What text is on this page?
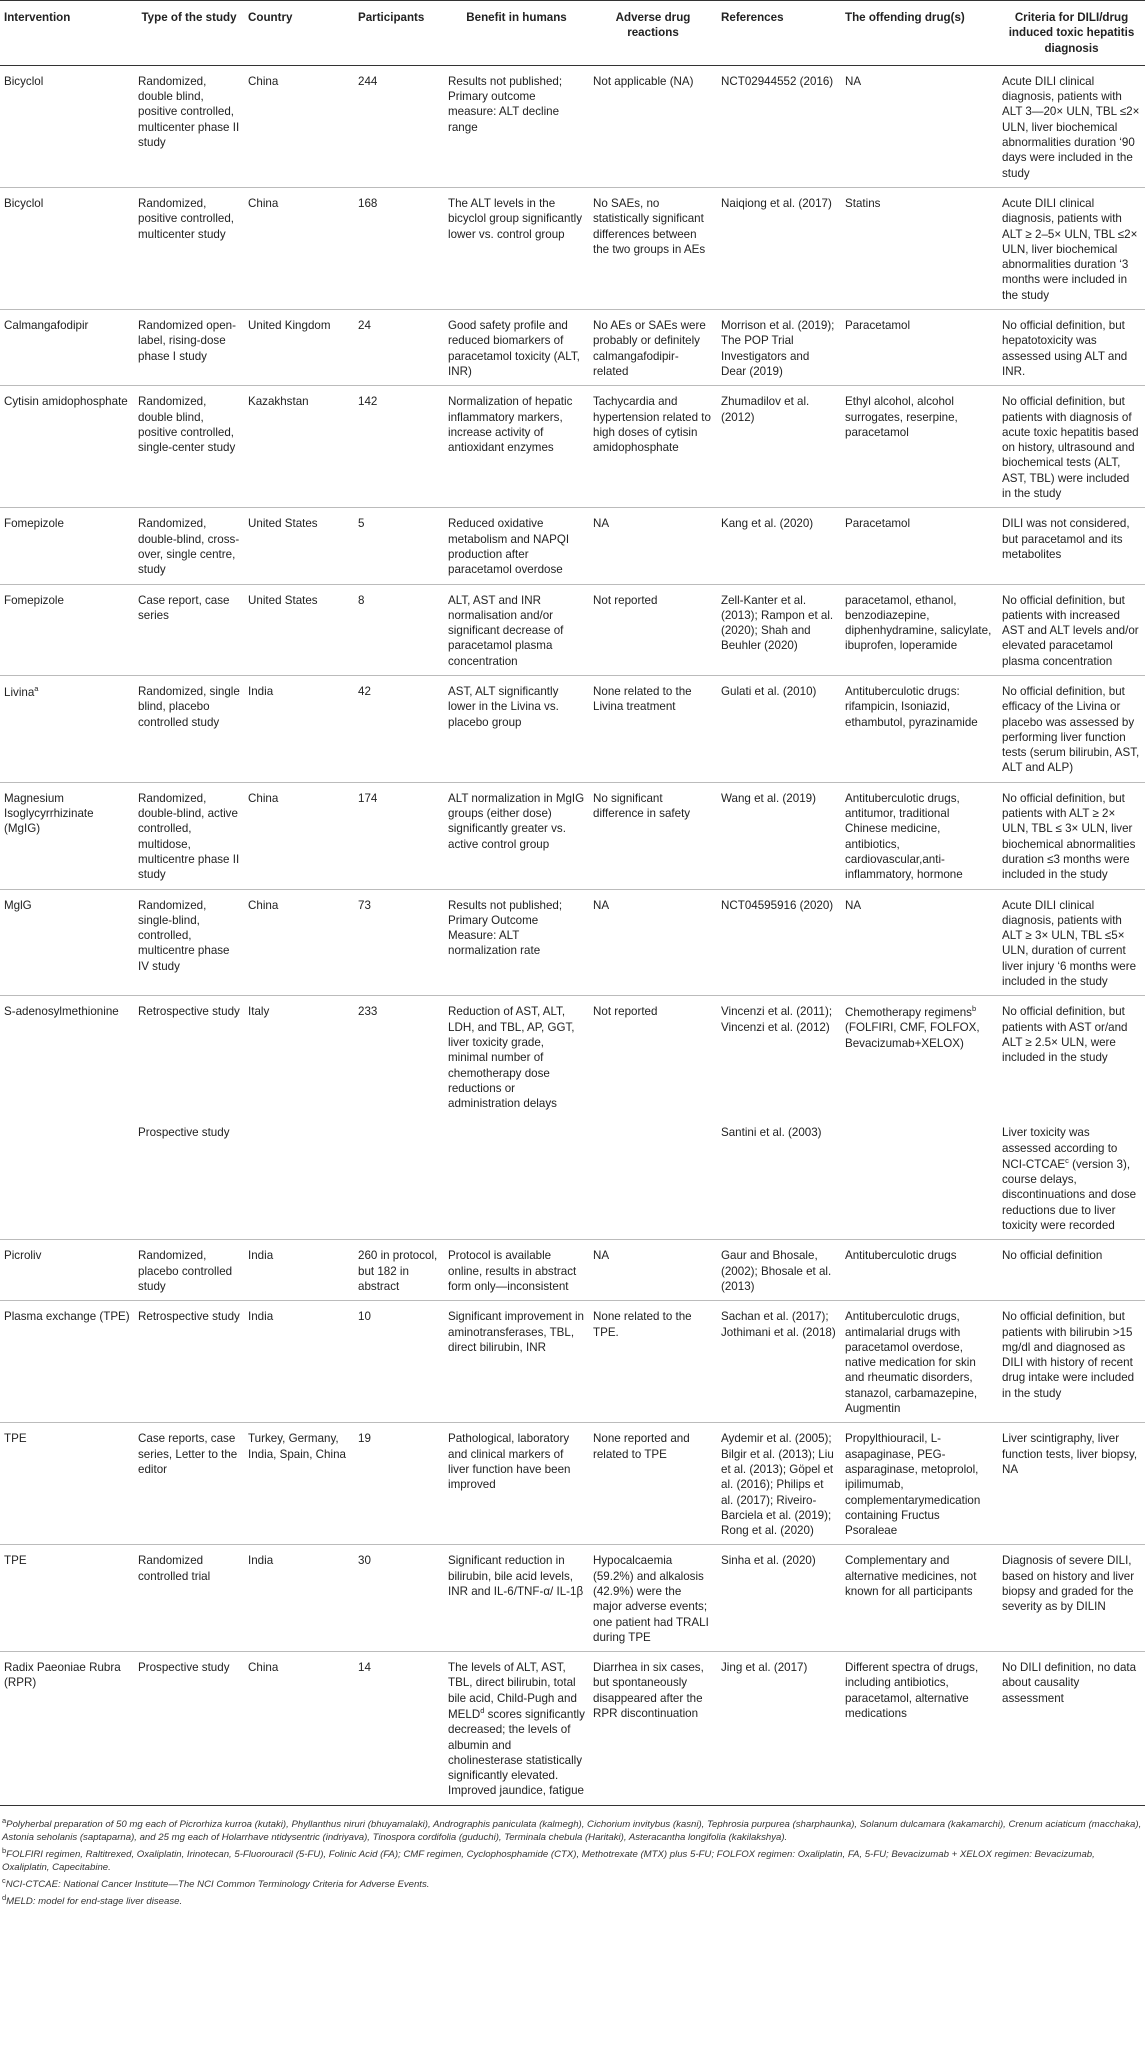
Intervention	Type of the study	Country	Participants	Benefit in humans	Adverse drug reactions	References	The offending drug(s)	Criteria for DILI/drug induced toxic hepatitis diagnosis
Bicyclol	Randomized, double blind, positive controlled, multicenter phase II study	China	244	Results not published; Primary outcome measure: ALT decline range	Not applicable (NA)	NCT02944552 (2016)	NA	Acute DILI clinical diagnosis, patients with ALT 3—20× ULN, TBL ≤2× ULN, liver biochemical abnormalities duration ‘90 days were included in the study
Bicyclol	Randomized, positive controlled, multicenter study	China	168	The ALT levels in the bicyclol group significantly lower vs. control group	No SAEs, no statistically significant differences between the two groups in AEs	Naiqiong et al. (2017)	Statins	Acute DILI clinical diagnosis, patients with ALT ≥ 2–5× ULN, TBL ≤2× ULN, liver biochemical abnormalities duration ‘3 months were included in the study
Calmangafodipir	Randomized open-label, rising-dose phase I study	United Kingdom	24	Good safety profile and reduced biomarkers of paracetamol toxicity (ALT, INR)	No AEs or SAEs were probably or definitely calmangafodipir-related	Morrison et al. (2019); The POP Trial Investigators and Dear (2019)	Paracetamol	No official definition, but hepatotoxicity was assessed using ALT and INR.
Cytisin amidophosphate	Randomized, double blind, positive controlled, single-center study	Kazakhstan	142	Normalization of hepatic inflammatory markers, increase activity of antioxidant enzymes	Tachycardia and hypertension related to high doses of cytisin amidophosphate	Zhumadilov et al. (2012)	Ethyl alcohol, alcohol surrogates, reserpine, paracetamol	No official definition, but patients with diagnosis of acute toxic hepatitis based on history, ultrasound and biochemical tests (ALT, AST, TBL) were included in the study
Fomepizole	Randomized, double-blind, cross-over, single centre, study	United States	5	Reduced oxidative metabolism and NAPQI production after paracetamol overdose	NA	Kang et al. (2020)	Paracetamol	DILI was not considered, but paracetamol and its metabolites
Fomepizole	Case report, case series	United States	8	ALT, AST and INR normalisation and/or significant decrease of paracetamol plasma concentration	Not reported	Zell-Kanter et al. (2013); Rampon et al. (2020); Shah and Beuhler (2020)	paracetamol, ethanol, benzodiazepine, diphenhydramine, salicylate, ibuprofen, loperamide	No official definition, but patients with increased AST and ALT levels and/or elevated paracetamol plasma concentration
Livina$^a$	Randomized, single blind, placebo controlled study	India	42	AST, ALT significantly lower in the Livina vs. placebo group	None related to the Livina treatment	Gulati et al. (2010)	Antituberculotic drugs: rifampicin, Isoniazid, ethambutol, pyrazinamide	No official definition, but efficacy of the Livina or placebo was assessed by performing liver function tests (serum bilirubin, AST, ALT and ALP)
Magnesium Isoglycyrrhizinate (MgIG)	Randomized, double-blind, active controlled, multidose, multicentre phase II study	China	174	ALT normalization in MgIG groups (either dose) significantly greater vs. active control group	No significant difference in safety	Wang et al. (2019)	Antituberculotic drugs, antitumor, traditional Chinese medicine, antibiotics, cardiovascular,anti-inflammatory, hormone	No official definition, but patients with ALT ≥ 2× ULN, TBL ≤ 3× ULN, liver biochemical abnormalities duration ≤3 months were included in the study
MglG	Randomized, single-blind, controlled, multicentre phase IV study	China	73	Results not published; Primary Outcome Measure: ALT normalization rate	NA	NCT04595916 (2020)	NA	Acute DILI clinical diagnosis, patients with ALT ≥ 3× ULN, TBL ≤5× ULN, duration of current liver injury ‘6 months were included in the study
S-adenosylmethionine	Retrospective study	Italy	233	Reduction of AST, ALT, LDH, and TBL, AP, GGT, liver toxicity grade, minimal number of chemotherapy dose reductions or administration delays	Not reported	Vincenzi et al. (2011); Vincenzi et al. (2012)	Chemotherapy regimens$^b$ (FOLFIRI, CMF, FOLFOX, Bevacizumab+XELOX)	No official definition, but patients with AST or/and ALT ≥ 2.5× ULN, were included in the study
	Prospective study					Santini et al. (2003)		Liver toxicity was assessed according to NCI-CTCAE$^c$ (version 3), course delays, discontinuations and dose reductions due to liver toxicity were recorded
Picroliv	Randomized, placebo controlled study	India	260 in protocol, but 182 in abstract	Protocol is available online, results in abstract form only—inconsistent	NA	Gaur and Bhosale, (2002); Bhosale et al. (2013)	Antituberculotic drugs	No official definition
Plasma exchange (TPE)	Retrospective study	India	10	Significant improvement in aminotransferases, TBL, direct bilirubin, INR	None related to the TPE.	Sachan et al. (2017); Jothimani et al. (2018)	Antituberculotic drugs, antimalarial drugs with paracetamol overdose, native medication for skin and rheumatic disorders, stanazol, carbamazepine, Augmentin	No official definition, but patients with bilirubin >15 mg/dl and diagnosed as DILI with history of recent drug intake were included in the study
TPE	Case reports, case series, Letter to the editor	Turkey, Germany, India, Spain, China	19	Pathological, laboratory and clinical markers of liver function have been improved	None reported and related to TPE	Aydemir et al. (2005); Bilgir et al. (2013); Liu et al. (2013); Göpel et al. (2016); Philips et al. (2017); Riveiro-Barciela et al. (2019); Rong et al. (2020)	Propylthiouracil, L-asapaginase, PEG-asparaginase, metoprolol, ipilimumab, complementarymedication containing Fructus Psoraleae	Liver scintigraphy, liver function tests, liver biopsy, NA
TPE	Randomized controlled trial	India	30	Significant reduction in bilirubin, bile acid levels, INR and IL-6/TNF-α/ IL-1β	Hypocalcaemia (59.2%) and alkalosis (42.9%) were the major adverse events; one patient had TRALI during TPE	Sinha et al. (2020)	Complementary and alternative medicines, not known for all participants	Diagnosis of severe DILI, based on history and liver biopsy and graded for the severity as by DILIN
Radix Paeoniae Rubra (RPR)	Prospective study	China	14	The levels of ALT, AST, TBL, direct bilirubin, total bile acid, Child-Pugh and MELD$^d$ scores significantly decreased; the levels of albumin and cholinesterase statistically significantly elevated. Improved jaundice, fatigue	Diarrhea in six cases, but spontaneously disappeared after the RPR discontinuation	Jing et al. (2017)	Different spectra of drugs, including antibiotics, paracetamol, alternative medications	No DILI definition, no data about causality assessment
$^a$Polyherbal preparation of 50 mg each of Picrorhiza kurroa (kutaki), Phyllanthus niruri (bhuyamalaki), Andrographis paniculata (kalmegh), Cichorium invitybus (kasni), Tephrosia purpurea (sharphaunka), Solanum dulcamara (kakamarchi), Crenum aciaticum (macchaka), Astonia seholanis (saptaparna), and 25 mg each of Holarrhave ntidysentric (indriyava), Tinospora cordifolia (guduchi), Terminala chebula (Haritaki), Asteracantha longifolia (kakilakshya).
$^b$FOLFIRI regimen, Raltitrexed, Oxaliplatin, Irinotecan, 5-Fluorouracil (5-FU), Folinic Acid (FA); CMF regimen, Cyclophosphamide (CTX), Methotrexate (MTX) plus 5-FU; FOLFOX regimen: Oxaliplatin, FA, 5-FU; Bevacizumab + XELOX regimen: Bevacizumab, Oxaliplatin, Capecitabine.
$^c$NCI-CTCAE: National Cancer Institute—The NCI Common Terminology Criteria for Adverse Events.
$^d$MELD: model for end-stage liver disease.
